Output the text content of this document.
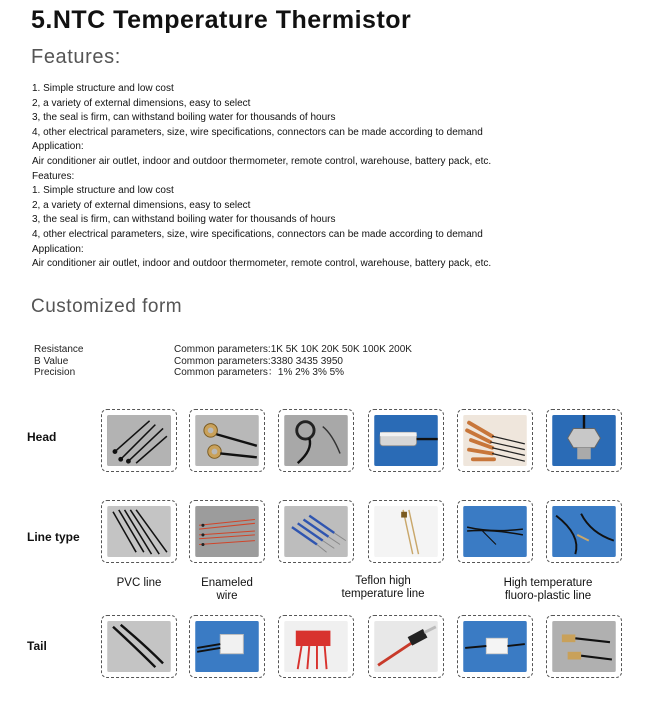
5.NTC Temperature Thermistor
Features:
1. Simple structure and low cost
2, a variety of external dimensions, easy to select
3, the seal is firm, can withstand boiling water for thousands of hours
4, other electrical parameters, size, wire specifications, connectors can be made according to demand
Application:
Air conditioner air outlet, indoor and outdoor thermometer, remote control, warehouse, battery pack, etc.
Features:
1. Simple structure and low cost
2, a variety of external dimensions, easy to select
3, the seal is firm, can withstand boiling water for thousands of hours
4, other electrical parameters, size, wire specifications, connectors can be made according to demand
Application:
Air conditioner air outlet, indoor and outdoor thermometer, remote control, warehouse, battery pack, etc.
Customized form
Resistance	Common parameters:1K 5K 10K 20K 50K 100K 200K
B Value	Common parameters:3380 3435 3950
Precision	Common parameters：1% 2% 3% 5%
Head
Line type
Tail
PVC line	Enameled
wire
Teflon high
temperature line
High temperature
fluoro-plastic line
